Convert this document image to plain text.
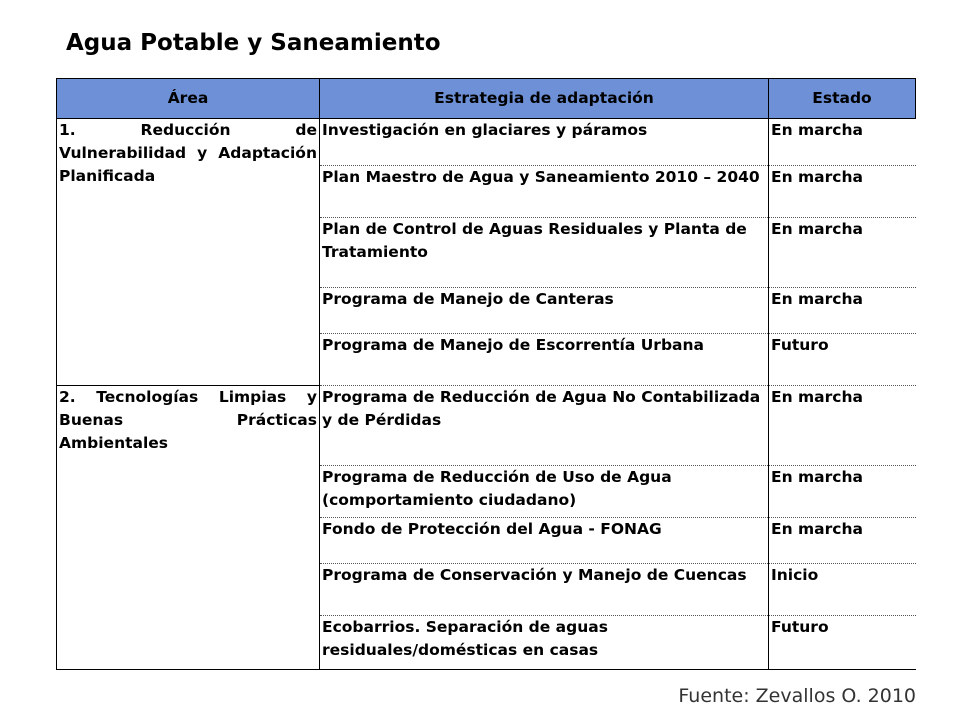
Agua Potable y Saneamiento
Área	Estrategia de adaptación	Estado
1. Reducción de Vulnerabilidad y Adaptación Planificada	Investigación en glaciares y páramos	En marcha
	Plan Maestro de Agua y Saneamiento 2010 – 2040	En marcha
	Plan de Control de Aguas Residuales y Planta de Tratamiento	En marcha
	Programa de Manejo de Canteras	En marcha
	Programa de Manejo de Escorrentía Urbana	Futuro
2. Tecnologías Limpias y Buenas Prácticas Ambientales	Programa de Reducción de Agua No Contabilizada y de Pérdidas	En marcha
	Programa de Reducción de Uso de Agua (comportamiento ciudadano)	En marcha
	Fondo de Protección del Agua - FONAG	En marcha
	Programa de Conservación y Manejo de Cuencas	Inicio
	Ecobarrios. Separación de aguas residuales/domésticas en casas	Futuro
Fuente: Zevallos O. 2010
